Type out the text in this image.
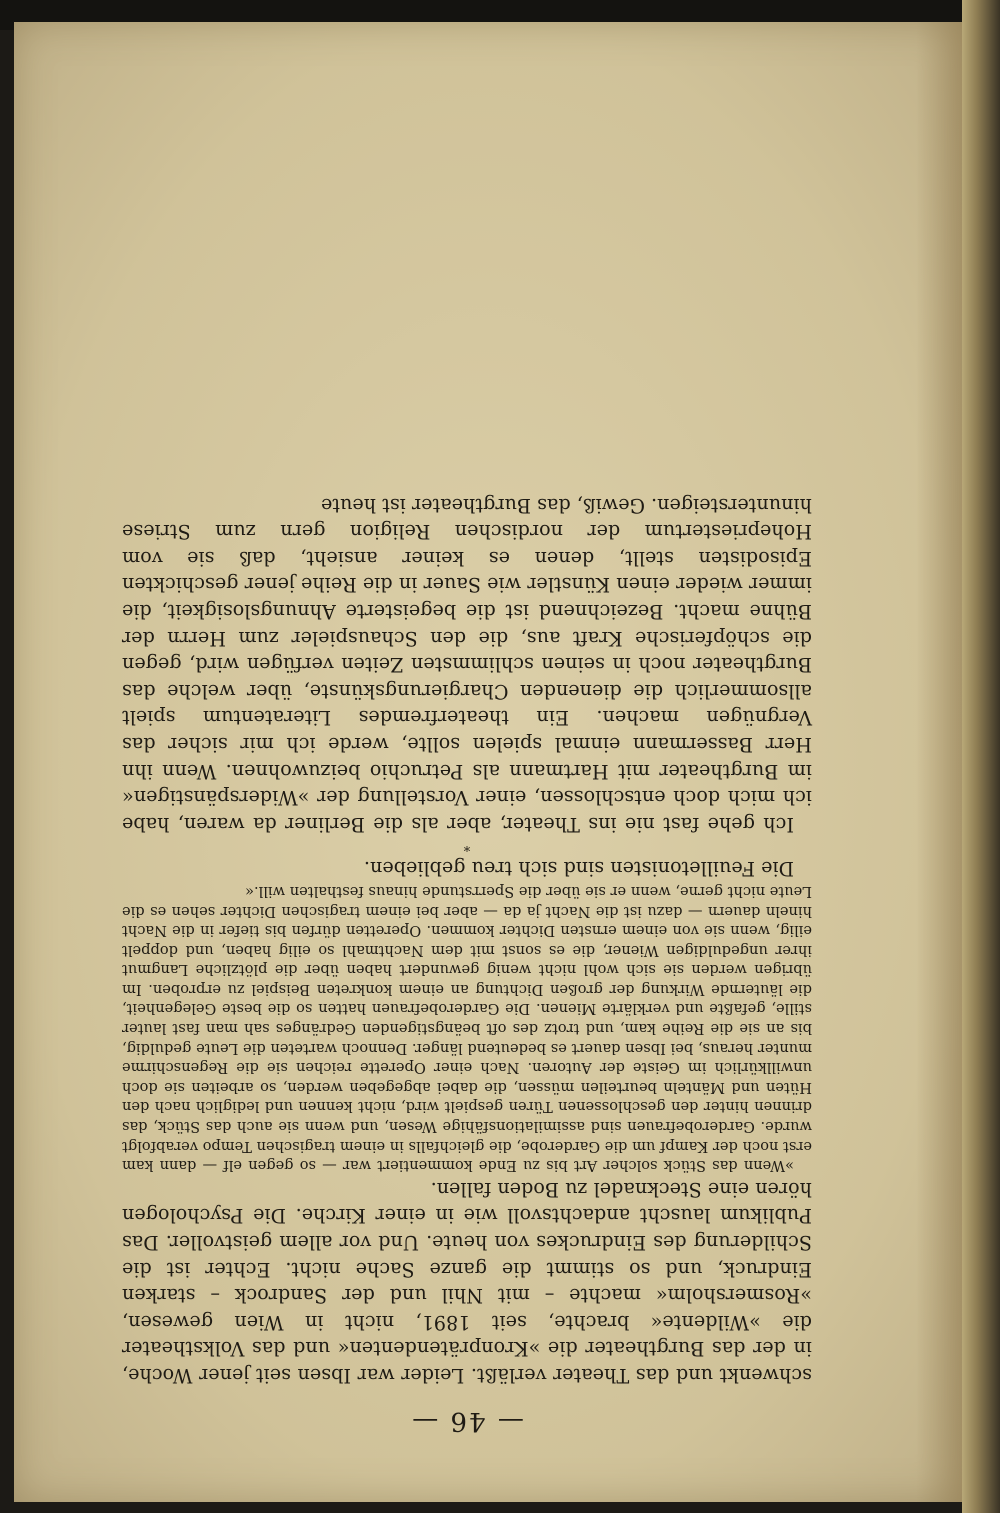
— 46 —

schwenkt und das Theater verläßt. Leider war Ibsen seit jener Woche, in der das Burgtheater die »Kronprätendenten« und das Volkstheater die »Wildente« brachte, seit 1891, nicht in Wien gewesen, »Rosmersholm« machte – mit Nhil und der Sandrock – starken Eindruck, und so stimmt die ganze Sache nicht. Echter ist die Schilderung des Eindruckes von heute. Und vor allem geistvoller. Das Publikum lauscht andachtsvoll wie in einer Kirche. Die Psychologen hören eine Stecknadel zu Boden fallen.

»Wenn das Stück solcher Art bis zu Ende kommentiert war — so gegen elf — dann kam erst noch der Kampf um die Garderobe, die gleichfalls in einem tragischen Tempo verabfolgt wurde. Garderobefrauen sind assimilationsfähige Wesen, und wenn sie auch das Stück, das drinnen hinter den geschlossenen Türen gespielt wird, nicht kennen und lediglich nach den Hüten und Mänteln beurteilen müssen, die dabei abgegeben werden, so arbeiten sie doch unwillkürlich im Geiste der Autoren. Nach einer Operette reichen sie die Regenschirme munter heraus, bei Ibsen dauert es bedeutend länger. Dennoch warteten die Leute geduldig, bis an sie die Reihe kam, und trotz des oft beängstigenden Gedränges sah man fast lauter stille, gefaßte und verklärte Mienen. Die Garderobefrauen hatten so die beste Gelegenheit, die läuternde Wirkung der großen Dichtung an einem konkreten Beispiel zu erproben. Im übrigen werden sie sich wohl nicht wenig gewundert haben über die plötzliche Langmut ihrer ungeduldigen Wiener, die es sonst mit dem Nachtmahl so eilig haben, und doppelt eilig, wenn sie von einem ernsten Dichter kommen. Operetten dürfen bis tiefer in die Nacht hineln dauern — dazu ist die Nacht ja da — aber bei einem tragischen Dichter sehen es die Leute nicht gerne, wenn er sie über die Sperrstunde hinaus festhalten will.«

Die Feuilletonisten sind sich treu geblieben.

*

Ich gehe fast nie ins Theater, aber als die Berliner da waren, habe ich mich doch entschlossen, einer Vorstellung der »Widerspänstigen« im Burgtheater mit Hartmann als Petruchio beizuwohnen. Wenn ihn Herr Bassermann einmal spielen sollte, werde ich mir sicher das Vergnügen machen. Ein theaterfremdes Literatentum spielt allsommerlich die dienenden Chargierungskünste, über welche das Burgtheater noch in seinen schlimmsten Zeiten verfügen wird, gegen die schöpferische Kraft aus, die den Schauspieler zum Herrn der Bühne macht. Bezeichnend ist die begeisterte Ahnungslosigkeit, die immer wieder einen Künstler wie Sauer in die Reihe jener geschickten Episodisten stellt, denen es keiner ansieht, daß sie vom Hohepriestertum der nordischen Religion gern zum Striese hinuntersteigen. Gewiß, das Burgtheater ist heute
